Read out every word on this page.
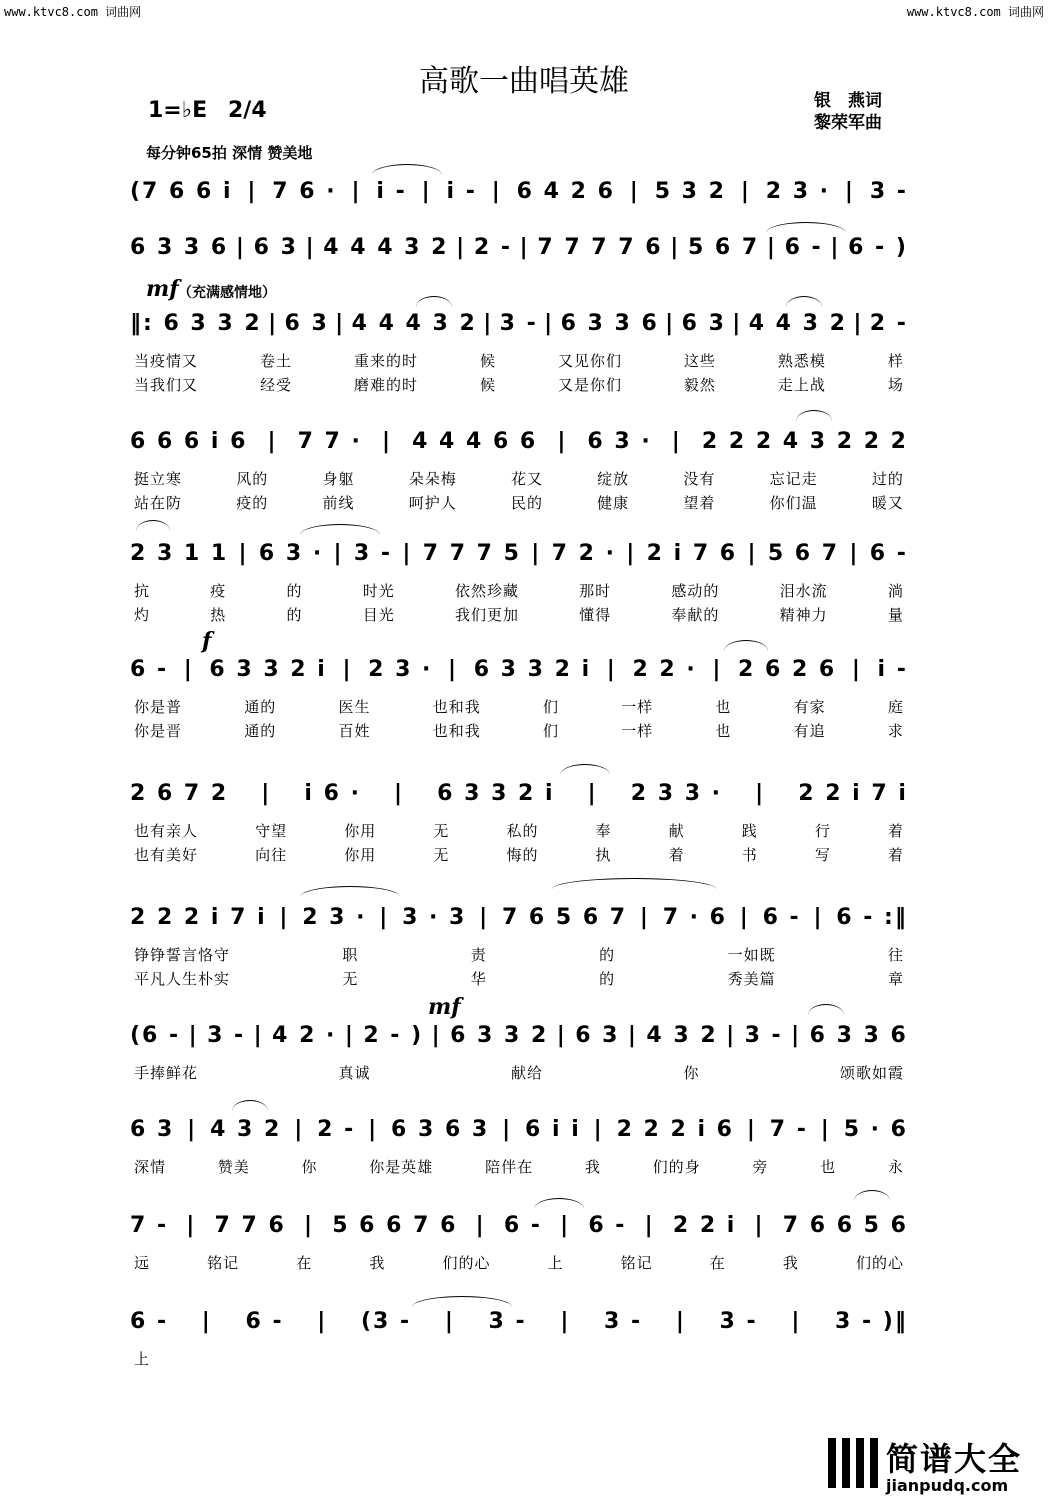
www.ktvc8.com 词曲网	www.ktvc8.com 词曲网
高歌一曲唱英雄
1=♭E 2/4	银　燕词
黎荣军曲
每分钟65拍 深情 赞美地
mf （充满感情地）
f
mf
(7 6 6 i | 7 6 · | i - | i - | 6 4 2 6 | 5 3 2 | 2 3 · | 3 -
6 3 3 6 | 6 3 | 4 4 4 3 2 | 2 - | 7 7 7 7 6 | 5 6 7 | 6 - | 6 - )
‖: 6 3 3 2 | 6 3 | 4 4 4 3 2 | 3 - | 6 3 3 6 | 6 3 | 4 4 3 2 | 2 -
当疫情又	卷土	重来的时	候	又见你们	这些	熟悉模	样
当我们又	经受	磨难的时	候	又是你们	毅然	走上战	场
6 6 6 i 6 | 7 7 · | 4 4 4 6 6 | 6 3 · | 2 2 2 4 3 2 2 2
挺立寒	风的	身躯	朵朵梅	花又	绽放	没有	忘记走	过的
站在防	疫的	前线	呵护人	民的	健康	望着	你们温	暖又
2 3 1 1 | 6 3 · | 3 - | 7 7 7 5 | 7 2 · | 2 i 7 6 | 5 6 7 | 6 -
抗	疫	的	时光	依然珍藏	那时	感动的	泪水流	淌
灼	热	的	目光	我们更加	懂得	奉献的	精神力	量
6 - | 6 3 3 2 i | 2 3 · | 6 3 3 2 i | 2 2 · | 2 6 2 6 | i -
你是普	通的	医生	也和我	们	一样	也	有家	庭
你是晋	通的	百姓	也和我	们	一样	也	有追	求
2 6 7 2 | i 6 · | 6 3 3 2 i | 2 3 3 · | 2 2 i 7 i
也有亲人	守望	你用	无	私的	奉	献	践	行	着
也有美好	向往	你用	无	悔的	执	着	书	写	着
2 2 2 i 7 i | 2 3 · | 3 · 3 | 7 6 5 6 7 | 7 · 6 | 6 - | 6 - :‖
铮铮誓言恪守	职	责	的	一如既	往
平凡人生朴实	无	华	的	秀美篇	章
(6 - | 3 - | 4 2 · | 2 - ) | 6 3 3 2 | 6 3 | 4 3 2 | 3 - | 6 3 3 6
手捧鲜花	真诚	献给	你	颂歌如霞
6 3 | 4 3 2 | 2 - | 6 3 6 3 | 6 i i | 2 2 2 i 6 | 7 - | 5 · 6
深情	赞美	你	你是英雄	陪伴在	我	们的身	旁	也	永
7 - | 7 7 6 | 5 6 6 7 6 | 6 - | 6 - | 2 2 i | 7 6 6 5 6
远	铭记	在	我	们的心	上	铭记	在	我	们的心
6 - | 6 - | (3 - | 3 - | 3 - | 3 - | 3 - )‖
上
简谱大全
jianpudq.com
